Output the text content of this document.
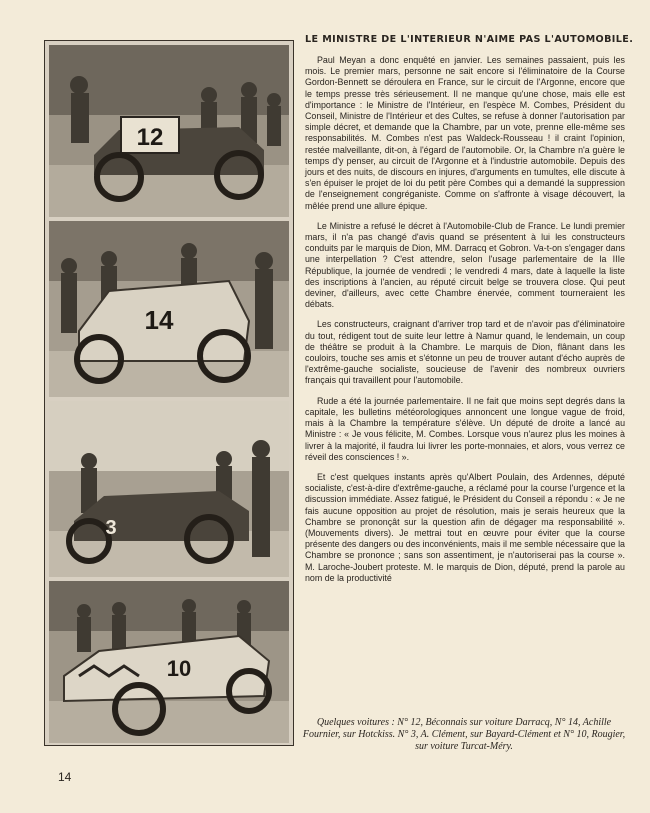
12
14
3
10
LE MINISTRE DE L'INTERIEUR N'AIME PAS L'AUTOMOBILE.

Paul Meyan a donc enquêté en janvier. Les semaines passaient, puis les mois. Le premier mars, personne ne sait encore si l'éliminatoire de la Course Gordon-Bennett se déroulera en France, sur le circuit de l'Argonne, encore que le temps presse très sérieusement. Il ne manque qu'une chose, mais elle est d'importance : le Ministre de l'Intérieur, en l'espèce M. Combes, Président du Conseil, Ministre de l'Intérieur et des Cultes, se refuse à donner l'autorisation par simple décret, et demande que la Chambre, par un vote, prenne elle-même ses responsabilités. M. Combes n'est pas Waldeck-Rousseau ! il craint l'opinion, restée malveillante, dit-on, à l'égard de l'automobile. Or, la Chambre n'a guère le temps d'y penser, au circuit de l'Argonne et à l'industrie automobile. Depuis des jours et des nuits, de discours en injures, d'arguments en tumultes, elle discute à s'en épuiser le projet de loi du petit père Combes qui a demandé la suppression de l'enseignement congréganiste. Comme on s'affronte à visage découvert, la mêlée prend une allure épique.

Le Ministre a refusé le décret à l'Automobile-Club de France. Le lundi premier mars, il n'a pas changé d'avis quand se présentent à lui les constructeurs conduits par le marquis de Dion, MM. Darracq et Gobron. Va-t-on s'engager dans une interpellation ? C'est attendre, selon l'usage parlementaire de la IIIe République, la journée de vendredi ; le vendredi 4 mars, date à laquelle la liste des inscriptions à l'ancien, au réputé circuit belge se trouvera close. Qui peut deviner, d'ailleurs, avec cette Chambre énervée, comment tourneraient les débats.

Les constructeurs, craignant d'arriver trop tard et de n'avoir pas d'éliminatoire du tout, rédigent tout de suite leur lettre à Namur quand, le lendemain, un coup de théâtre se produit à la Chambre. Le marquis de Dion, flânant dans les couloirs, touche ses amis et s'étonne un peu de trouver autant d'écho auprès de l'extrême-gauche socialiste, soucieuse de l'avenir des nombreux ouvriers français qui travaillent pour l'automobile.

Rude a été la journée parlementaire. Il ne fait que moins sept degrés dans la capitale, les bulletins météorologiques annoncent une longue vague de froid, mais à la Chambre la température s'élève. Un député de droite a lancé au Ministre : « Je vous félicite, M. Combes. Lorsque vous n'aurez plus les moines à livrer à la majorité, il faudra lui livrer les porte-monnaies, et alors, vous verrez ce réveil des consciences ! ».

Et c'est quelques instants après qu'Albert Poulain, des Ardennes, député socialiste, c'est-à-dire d'extrême-gauche, a réclamé pour la course l'urgence et la discussion immédiate. Assez fatigué, le Président du Conseil a répondu : « Je ne fais aucune opposition au projet de résolution, mais je serais heureux que la Chambre se prononçât sur la question afin de dégager ma responsabilité ». (Mouvements divers). Je mettrai tout en œuvre pour éviter que la course présente des dangers ou des inconvénients, mais il me semble nécessaire que la Chambre se prononce ; sans son assentiment, je n'autoriserai pas la course ». M. Laroche-Joubert proteste. M. le marquis de Dion, député, prend la parole au nom de la productivité

Quelques voitures : N° 12, Béconnais sur voiture Darracq, N° 14, Achille Fournier, sur Hotckiss. N° 3, A. Clément, sur Bayard-Clément et N° 10, Rougier, sur voiture Turcat-Méry.
14
